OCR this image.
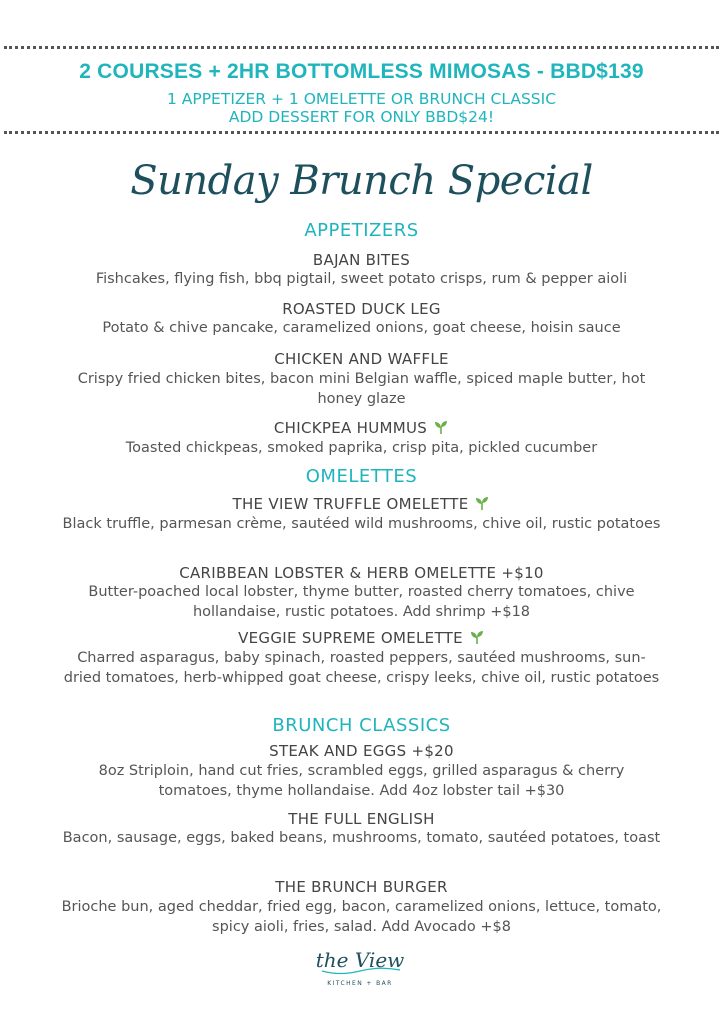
2 COURSES + 2HR BOTTOMLESS MIMOSAS - BBD$139
1 APPETIZER + 1 OMELETTE OR BRUNCH CLASSIC
ADD DESSERT FOR ONLY BBD$24!
Sunday Brunch Special
APPETIZERS
BAJAN BITES
Fishcakes, flying fish, bbq pigtail, sweet potato crisps, rum & pepper aioli
ROASTED DUCK LEG
Potato & chive pancake, caramelized onions, goat cheese, hoisin sauce
CHICKEN AND WAFFLE
Crispy fried chicken bites, bacon mini Belgian waffle, spiced maple butter, hot honey glaze
CHICKPEA HUMMUS
Toasted chickpeas, smoked paprika, crisp pita, pickled cucumber
OMELETTES
THE VIEW TRUFFLE OMELETTE
Black truffle, parmesan crème, sautéed wild mushrooms, chive oil, rustic potatoes
CARIBBEAN LOBSTER & HERB OMELETTE +$10
Butter-poached local lobster, thyme butter, roasted cherry tomatoes, chive hollandaise, rustic potatoes. Add shrimp +$18
VEGGIE SUPREME OMELETTE
Charred asparagus, baby spinach, roasted peppers, sautéed mushrooms, sun-dried tomatoes, herb-whipped goat cheese, crispy leeks, chive oil, rustic potatoes
BRUNCH CLASSICS
STEAK AND EGGS +$20
8oz Striploin, hand cut fries, scrambled eggs, grilled asparagus & cherry tomatoes, thyme hollandaise. Add 4oz lobster tail +$30
THE FULL ENGLISH
Bacon, sausage, eggs, baked beans, mushrooms, tomato, sautéed potatoes, toast
THE BRUNCH BURGER
Brioche bun, aged cheddar, fried egg, bacon, caramelized onions, lettuce, tomato, spicy aioli, fries, salad. Add Avocado +$8
the View
KITCHEN + BAR
